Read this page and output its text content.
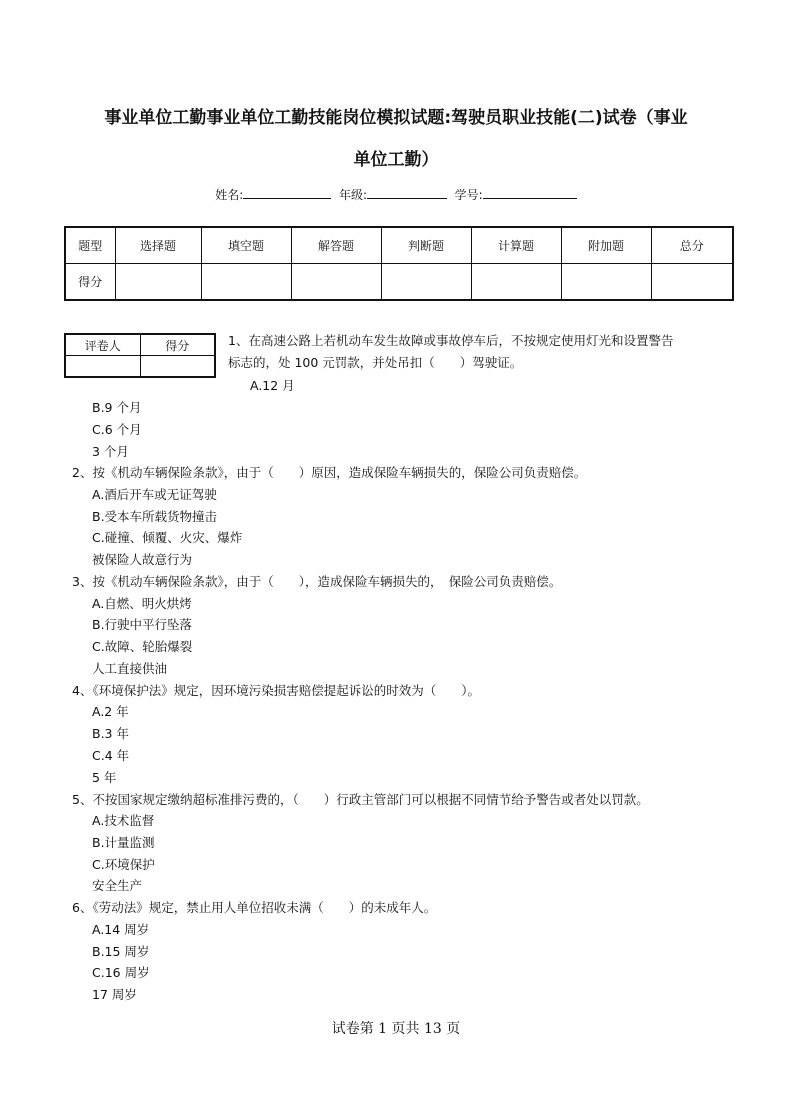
事业单位工勤事业单位工勤技能岗位模拟试题:驾驶员职业技能(二)试卷（事业
单位工勤）
姓名:	年级:	学号:
题型	选择题	填空题	解答题	判断题	计算题	附加题	总分
得分							
评卷人	得分
		1、在高速公路上若机动车发生故障或事故停车后，不按规定使用灯光和设置警告
标志的，处 100 元罚款，并处吊扣（　　）驾驶证。
A.12 月
B.9 个月
C.6 个月
3 个月
2、按《机动车辆保险条款》，由于（　　）原因，造成保险车辆损失的，保险公司负责赔偿。
A.酒后开车或无证驾驶
B.受本车所载货物撞击
C.碰撞、倾覆、火灾、爆炸
被保险人故意行为
3、按《机动车辆保险条款》，由于（　　），造成保险车辆损失的，　保险公司负责赔偿。
A.自燃、明火烘烤
B.行驶中平行坠落
C.故障、轮胎爆裂
人工直接供油
4、《环境保护法》规定，因环境污染损害赔偿提起诉讼的时效为（　　）。
A.2 年
B.3 年
C.4 年
5 年
5、不按国家规定缴纳超标准排污费的，（　　）行政主管部门可以根据不同情节给予警告或者处以罚款。
A.技术监督
B.计量监测
C.环境保护
安全生产
6、《劳动法》规定，禁止用人单位招收未满（　　）的未成年人。
A.14 周岁
B.15 周岁
C.16 周岁
17 周岁
试卷第 1 页共 13 页
